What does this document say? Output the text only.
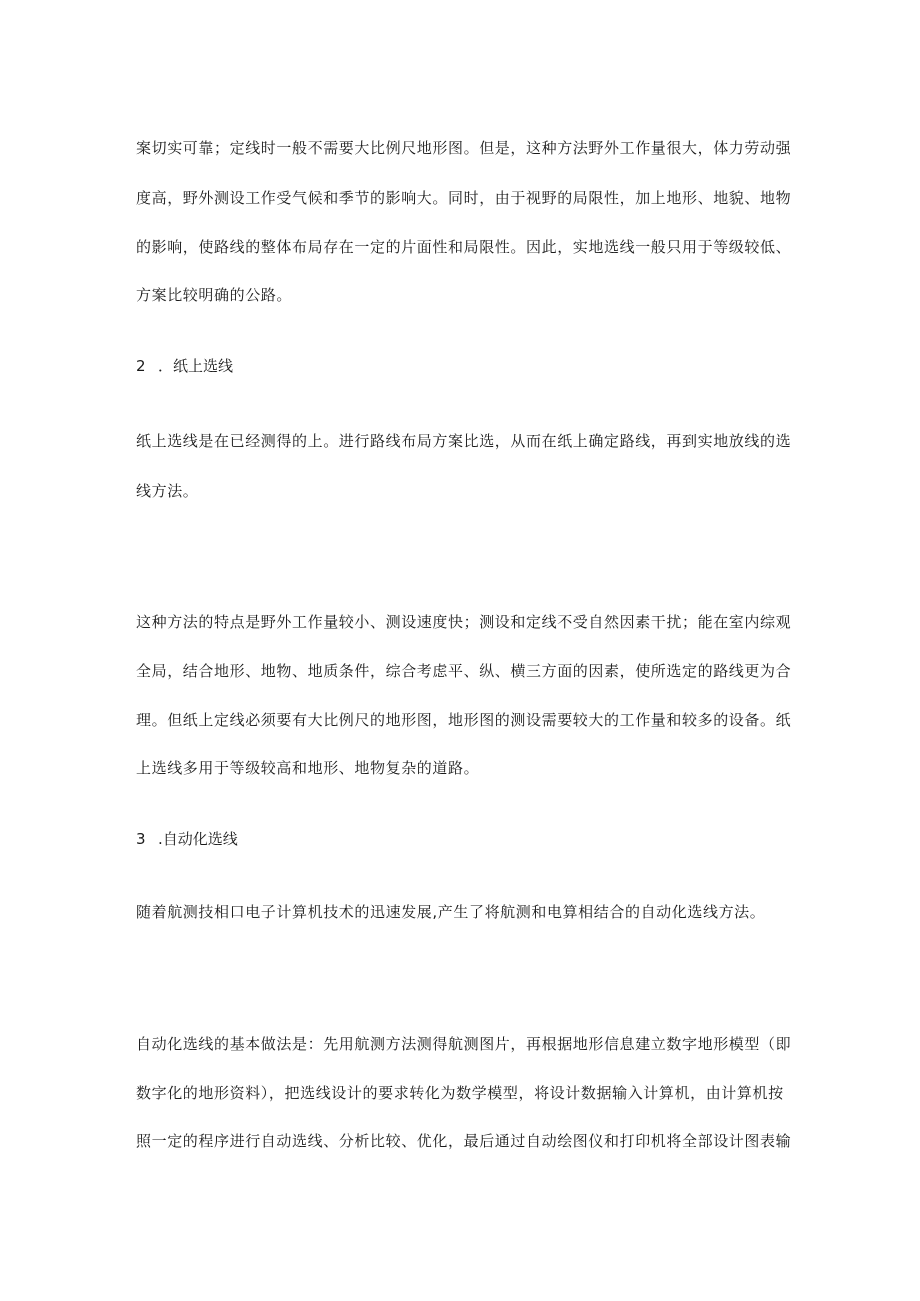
案切实可靠；定线时一般不需要大比例尺地形图。但是，这种方法野外工作量很大，体力劳动强
度高，野外测设工作受气候和季节的影响大。同时，由于视野的局限性，加上地形、地貌、地物
的影响，使路线的整体布局存在一定的片面性和局限性。因此，实地选线一般只用于等级较低、
方案比较明确的公路。
2 ．纸上选线
纸上选线是在已经测得的上。进行路线布局方案比选，从而在纸上确定路线，再到实地放线的选
线方法。
这种方法的特点是野外工作量较小、测设速度快；测设和定线不受自然因素干扰；能在室内综观
全局，结合地形、地物、地质条件，综合考虑平、纵、横三方面的因素，使所选定的路线更为合
理。但纸上定线必须要有大比例尺的地形图，地形图的测设需要较大的工作量和较多的设备。纸
上选线多用于等级较高和地形、地物复杂的道路。
3 .自动化选线
随着航测技相口电子计算机技术的迅速发展,产生了将航测和电算相结合的自动化选线方法。
自动化选线的基本做法是：先用航测方法测得航测图片，再根据地形信息建立数字地形模型（即
数字化的地形资料），把选线设计的要求转化为数学模型，将设计数据输入计算机，由计算机按
照一定的程序进行自动选线、分析比较、优化，最后通过自动绘图仪和打印机将全部设计图表输
